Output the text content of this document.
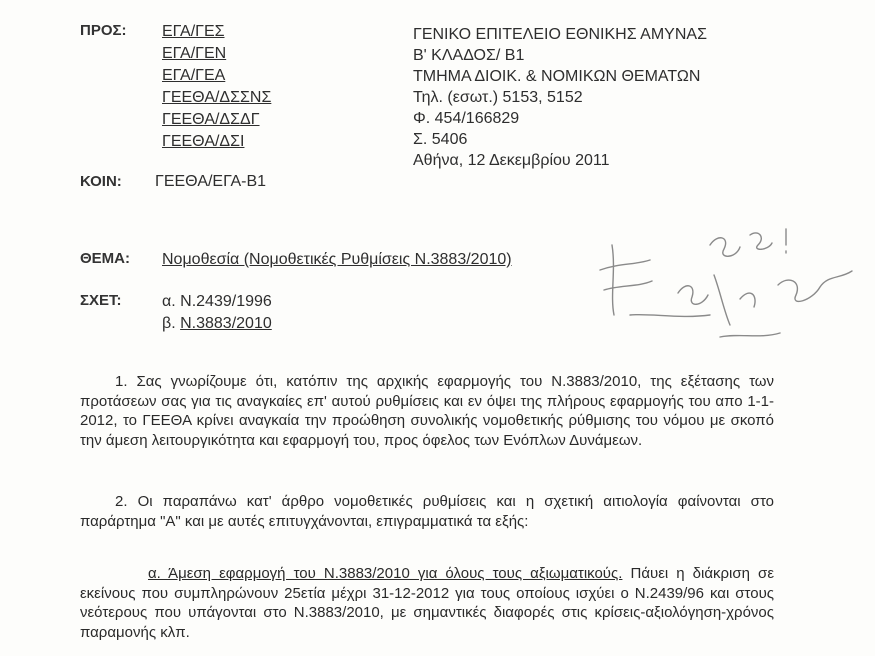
ΠΡΟΣ: ΕΓΑ/ΓΕΣ
ΕΓΑ/ΓΕΝ
ΕΓΑ/ΓΕΑ
ΓΕΕΘΑ/ΔΣΣΝΣ
ΓΕΕΘΑ/ΔΣΔΓ
ΓΕΕΘΑ/ΔΣΙ
ΓΕΝΙΚΟ ΕΠΙΤΕΛΕΙΟ ΕΘΝΙΚΗΣ ΑΜΥΝΑΣ
Β' ΚΛΑΔΟΣ/ Β1
ΤΜΗΜΑ ΔΙΟΙΚ. & ΝΟΜΙΚΩΝ ΘΕΜΑΤΩΝ
Τηλ. (εσωτ.) 5153, 5152
Φ. 454/166829
Σ. 5406
Αθήνα, 12 Δεκεμβρίου 2011
ΚΟΙΝ: ΓΕΕΘΑ/ΕΓΑ-Β1
ΘΕΜΑ: Νομοθεσία (Νομοθετικές Ρυθμίσεις Ν.3883/2010)
ΣΧΕΤ:	α. Ν.2439/1996
β. Ν.3883/2010
1. Σας γνωρίζουμε ότι, κατόπιν της αρχικής εφαρμογής του Ν.3883/2010, της εξέτασης των προτάσεων σας για τις αναγκαίες επ' αυτού ρυθμίσεις και εν όψει της πλήρους εφαρμογής του απο 1-1-2012, το ΓΕΕΘΑ κρίνει αναγκαία την προώθηση συνολικής νομοθετικής ρύθμισης του νόμου με σκοπό την άμεση λειτουργικότητα και εφαρμογή του, προς όφελος των Ενόπλων Δυνάμεων.
2. Οι παραπάνω κατ' άρθρο νομοθετικές ρυθμίσεις και η σχετική αιτιολογία φαίνονται στο παράρτημα "Α" και με αυτές επιτυγχάνονται, επιγραμματικά τα εξής:
α. Άμεση εφαρμογή του Ν.3883/2010 για όλους τους αξιωματικούς. Πάυει η διάκριση σε εκείνους που συμπληρώνουν 25ετία μέχρι 31-12-2012 για τους οποίους ισχύει ο Ν.2439/96 και στους νεότερους που υπάγονται στο Ν.3883/2010, με σημαντικές διαφορές στις κρίσεις-αξιολόγηση-χρόνος παραμονής κλπ.
